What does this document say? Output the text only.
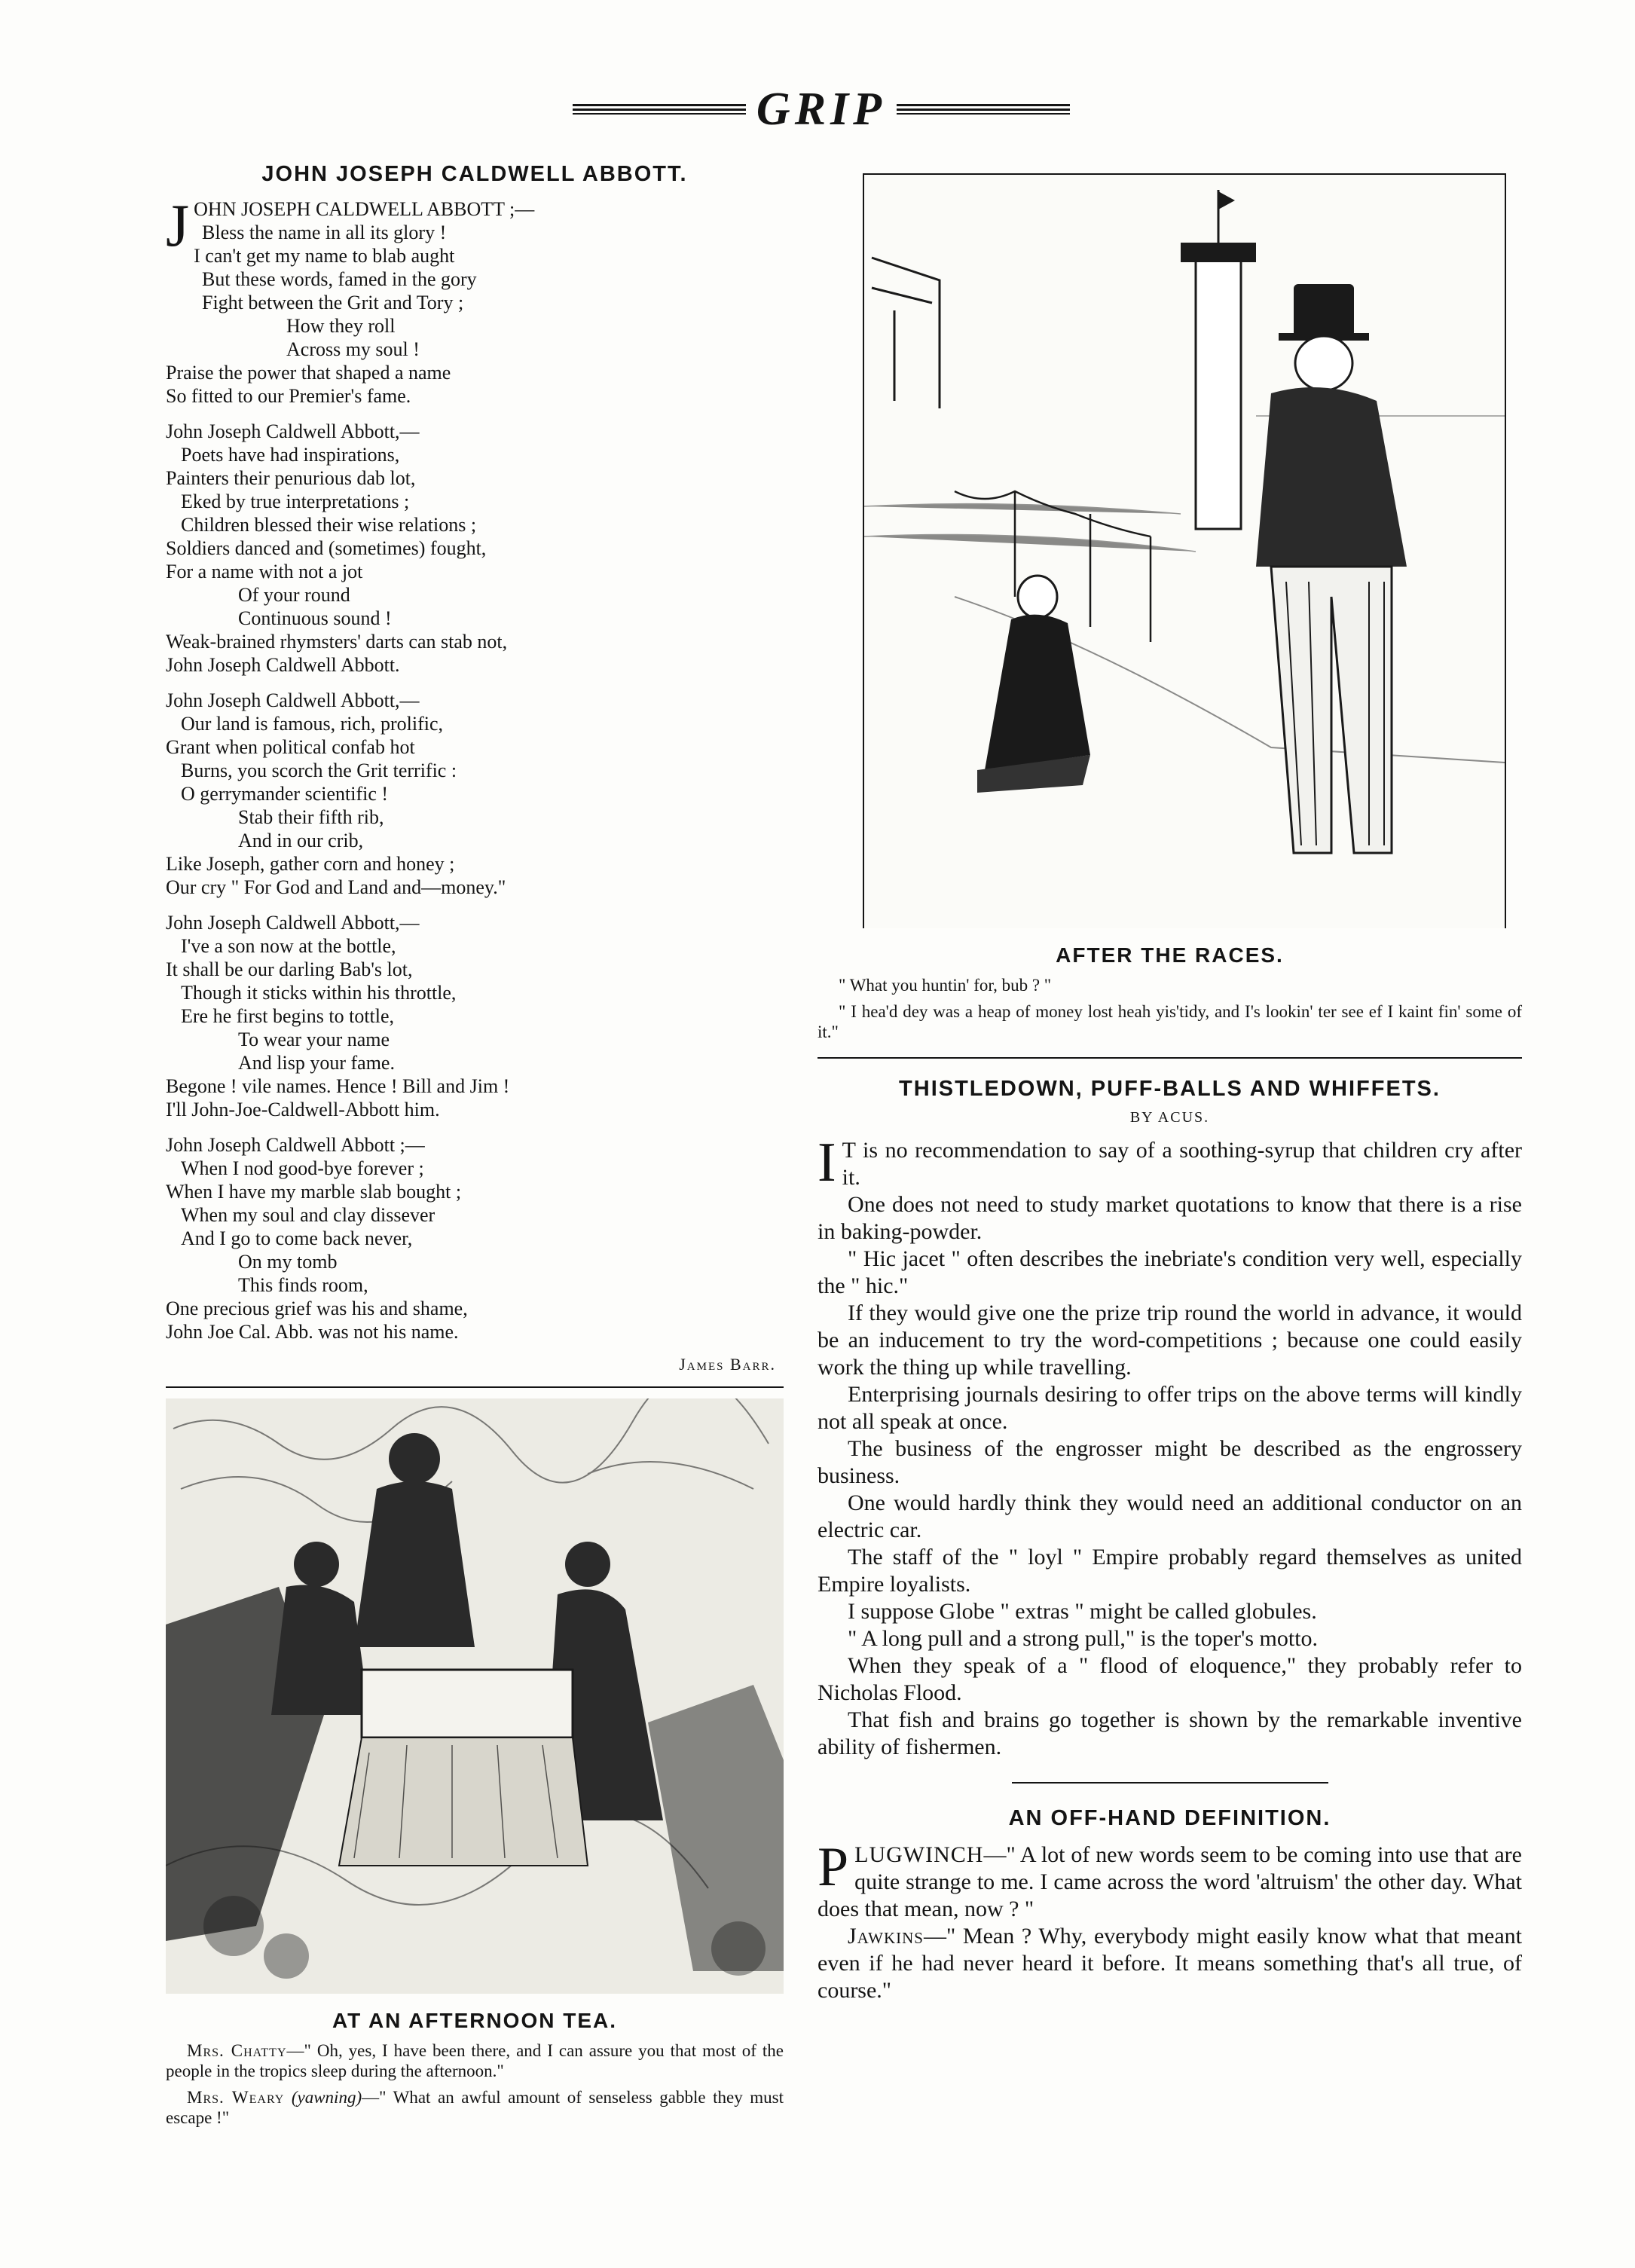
GRIP
JOHN JOSEPH CALDWELL ABBOTT.
J OHN JOSEPH CALDWELL ABBOTT ;—
Bless the name in all its glory !
I can't get my name to blab aught
But these words, famed in the gory
Fight between the Grit and Tory ;
How they roll
Across my soul !
Praise the power that shaped a name
So fitted to our Premier's fame.
John Joseph Caldwell Abbott,—
Poets have had inspirations,
Painters their penurious dab lot,
Eked by true interpretations ;
Children blessed their wise relations ;
Soldiers danced and (sometimes) fought,
For a name with not a jot
Of your round
Continuous sound !
Weak-brained rhymsters' darts can stab not,
John Joseph Caldwell Abbott.
John Joseph Caldwell Abbott,—
Our land is famous, rich, prolific,
Grant when political confab hot
Burns, you scorch the Grit terrific :
O gerrymander scientific !
Stab their fifth rib,
And in our crib,
Like Joseph, gather corn and honey ;
Our cry " For God and Land and—money."
John Joseph Caldwell Abbott,—
I've a son now at the bottle,
It shall be our darling Bab's lot,
Though it sticks within his throttle,
Ere he first begins to tottle,
To wear your name
And lisp your fame.
Begone ! vile names. Hence ! Bill and Jim !
I'll John-Joe-Caldwell-Abbott him.
John Joseph Caldwell Abbott ;—
When I nod good-bye forever ;
When I have my marble slab bought ;
When my soul and clay dissever
And I go to come back never,
On my tomb
This finds room,
One precious grief was his and shame,
John Joe Cal. Abb. was not his name.
James Barr.
AT AN AFTERNOON TEA.

Mrs. Chatty—" Oh, yes, I have been there, and I can assure you that most of the people in the tropics sleep during the afternoon."

Mrs. Weary (yawning)—" What an awful amount of senseless gabble they must escape !"

AFTER THE RACES.

" What you huntin' for, bub ? "

" I hea'd dey was a heap of money lost heah yis'tidy, and I's lookin' ter see ef I kaint fin' some of it."

THISTLEDOWN, PUFF-BALLS AND WHIFFETS.
BY ACUS.

I T is no recommendation to say of a soothing-syrup that children cry after it.

One does not need to study market quotations to know that there is a rise in baking-powder.

" Hic jacet " often describes the inebriate's condition very well, especially the " hic."

If they would give one the prize trip round the world in advance, it would be an inducement to try the word-competitions ; because one could easily work the thing up while travelling.

Enterprising journals desiring to offer trips on the above terms will kindly not all speak at once.

The business of the engrosser might be described as the engrossery business.

One would hardly think they would need an additional conductor on an electric car.

The staff of the " loyl " Empire probably regard themselves as united Empire loyalists.

I suppose Globe " extras " might be called globules.

" A long pull and a strong pull," is the toper's motto.

When they speak of a " flood of eloquence," they probably refer to Nicholas Flood.

That fish and brains go together is shown by the remarkable inventive ability of fishermen.

AN OFF-HAND DEFINITION.

PLUGWINCH—" A lot of new words seem to be coming into use that are quite strange to me. I came across the word 'altruism' the other day. What does that mean, now ? "

Jawkins—" Mean ? Why, everybody might easily know what that meant even if he had never heard it before. It means something that's all true, of course."
